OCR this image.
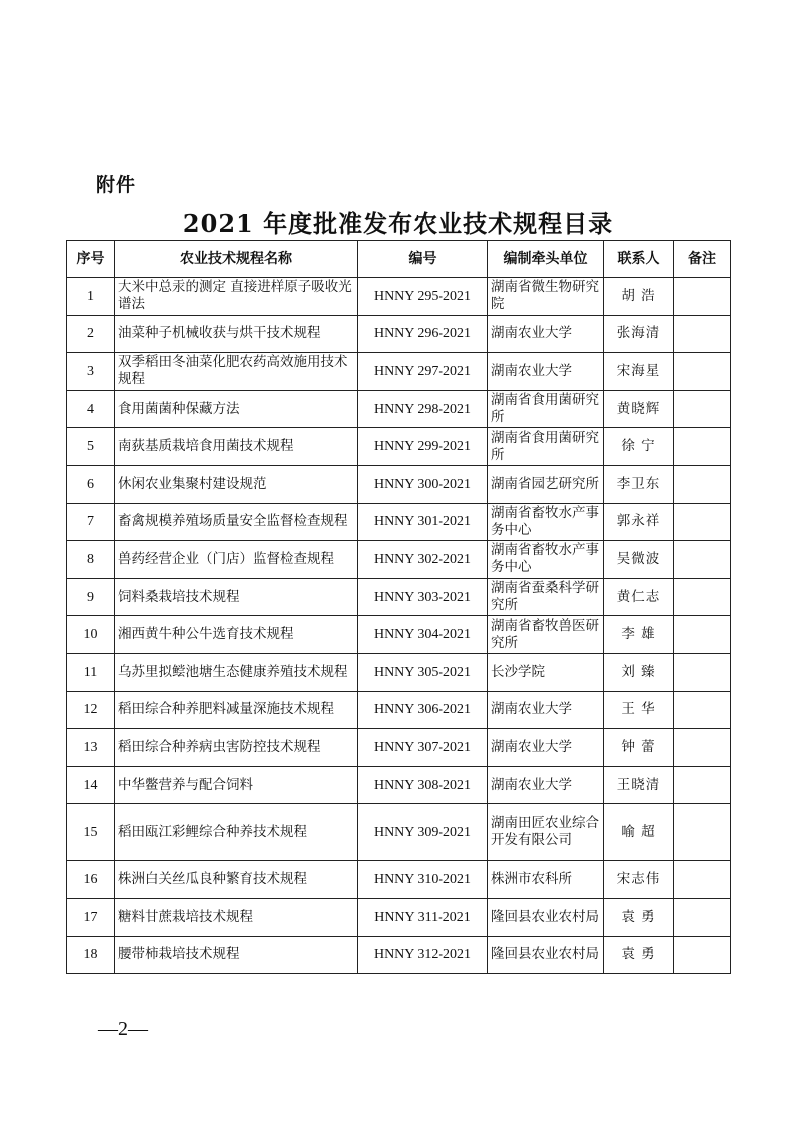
附件
2021 年度批准发布农业技术规程目录
序号	农业技术规程名称	编号	编制牵头单位	联系人	备注
1	大米中总汞的测定 直接进样原子吸收光谱法	HNNY 295-2021	湖南省微生物研究院	胡 浩	
2	油菜种子机械收获与烘干技术规程	HNNY 296-2021	湖南农业大学	张海清	
3	双季稻田冬油菜化肥农药高效施用技术规程	HNNY 297-2021	湖南农业大学	宋海星	
4	食用菌菌种保藏方法	HNNY 298-2021	湖南省食用菌研究所	黄晓辉	
5	南荻基质栽培食用菌技术规程	HNNY 299-2021	湖南省食用菌研究所	徐 宁	
6	休闲农业集聚村建设规范	HNNY 300-2021	湖南省园艺研究所	李卫东	
7	畜禽规模养殖场质量安全监督检查规程	HNNY 301-2021	湖南省畜牧水产事务中心	郭永祥	
8	兽药经营企业（门店）监督检查规程	HNNY 302-2021	湖南省畜牧水产事务中心	吴微波	
9	饲料桑栽培技术规程	HNNY 303-2021	湖南省蚕桑科学研究所	黄仁志	
10	湘西黄牛种公牛选育技术规程	HNNY 304-2021	湖南省畜牧兽医研究所	李 雄	
11	乌苏里拟鲿池塘生态健康养殖技术规程	HNNY 305-2021	长沙学院	刘 臻	
12	稻田综合种养肥料减量深施技术规程	HNNY 306-2021	湖南农业大学	王 华	
13	稻田综合种养病虫害防控技术规程	HNNY 307-2021	湖南农业大学	钟 蕾	
14	中华鳖营养与配合饲料	HNNY 308-2021	湖南农业大学	王晓清	
15	稻田瓯江彩鲤综合种养技术规程	HNNY 309-2021	湖南田匠农业综合开发有限公司	喻 超	
16	株洲白关丝瓜良种繁育技术规程	HNNY 310-2021	株洲市农科所	宋志伟	
17	糖料甘蔗栽培技术规程	HNNY 311-2021	隆回县农业农村局	袁 勇	
18	腰带柿栽培技术规程	HNNY 312-2021	隆回县农业农村局	袁 勇	
—2—
